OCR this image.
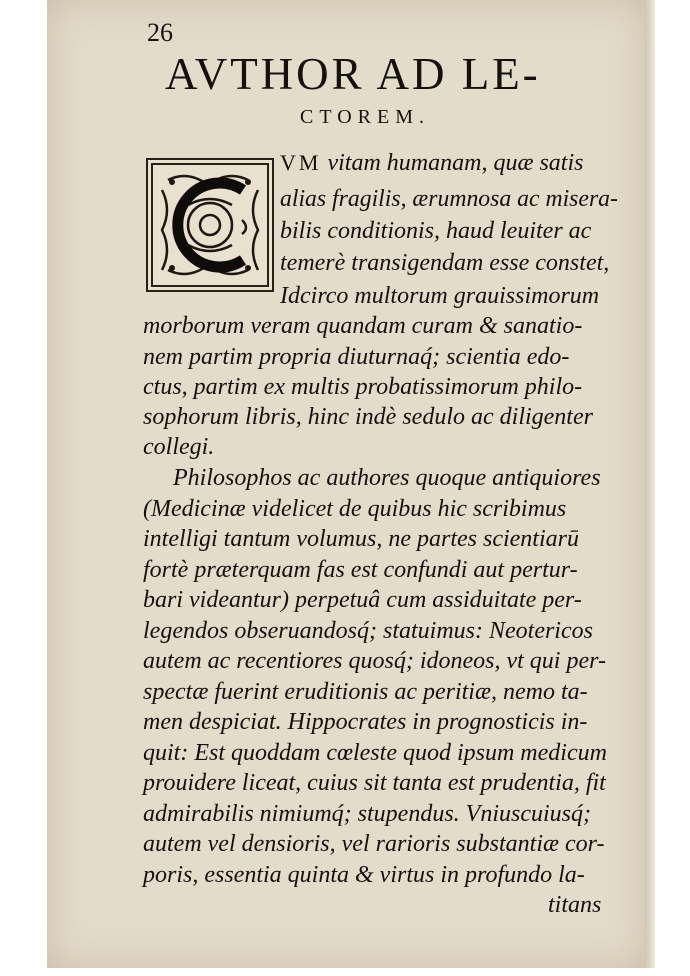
26
AVTHOR AD LE-
CTOREM.
VM vitam humanam, quæ satis
alias fragilis, ærumnosa ac misera-
bilis conditionis, haud leuiter ac
temerè transigendam esse constet,
Idcirco multorum grauissimorum
morborum veram quandam curam & sanatio-
nem partim propria diuturnaq́; scientia edo-
ctus, partim ex multis probatissimorum philo-
sophorum libris, hinc indè sedulo ac diligenter
collegi.
Philosophos ac authores quoque antiquiores
(Medicinæ videlicet de quibus hic scribimus
intelligi tantum volumus, ne partes scientiarū
fortè præterquam fas est confundi aut pertur-
bari videantur) perpetuâ cum assiduitate per-
legendos obseruandosq́; statuimus: Neotericos
autem ac recentiores quosq́; idoneos, vt qui per-
spectæ fuerint eruditionis ac peritiæ, nemo ta-
men despiciat. Hippocrates in prognosticis in-
quit: Est quoddam cœleste quod ipsum medicum
prouidere liceat, cuius sit tanta est prudentia, fit
admirabilis nimiumq́; stupendus. Vniuscuiusq́;
autem vel densioris, vel rarioris substantiæ cor-
poris, essentia quinta & virtus in profundo la-
titans
